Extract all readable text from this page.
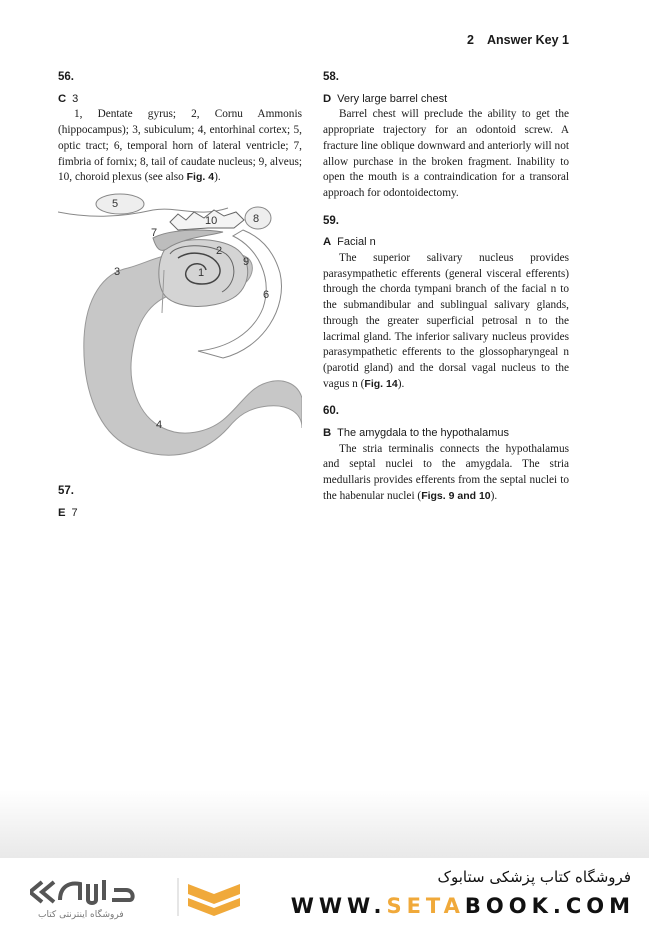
2 Answer Key 1
56.
C 3

1, Dentate gyrus; 2, Cornu Ammonis (hippocampus); 3, subiculum; 4, entorhinal cortex; 5, optic tract; 6, temporal horn of lateral ventricle; 7, fimbria of fornix; 8, tail of caudate nucleus; 9, alveus; 10, choroid plexus (see also Fig. 4).

1
2
3
4
5
6
7
8
9
10
57.
E 7
58.
D Very large barrel chest

Barrel chest will preclude the ability to get the appropriate trajectory for an odontoid screw. A fracture line oblique downward and anteriorly will not allow purchase in the broken fragment. Inability to open the mouth is a contraindication for a transoral approach for odontoidectomy.

59.
A Facial n

The superior salivary nucleus provides parasympathetic efferents (general visceral efferents) through the chorda tympani branch of the facial n to the submandibular and sublingual salivary glands, through the greater superficial petrosal n to the lacrimal gland. The inferior salivary nucleus provides parasympathetic efferents to the glossopharyngeal n (parotid gland) and the dorsal vagal nucleus to the vagus n (Fig. 14).

60.
B The amygdala to the hypothalamus

The stria terminalis connects the hypothalamus and septal nuclei to the amygdala. The stria medullaris provides efferents from the septal nuclei to the habenular nuclei (Figs. 9 and 10).

فروشگاه اینترنتی کتاب
فروشگاه کتاب پزشکی ستابوک
WWW.SETABOOK.COM
